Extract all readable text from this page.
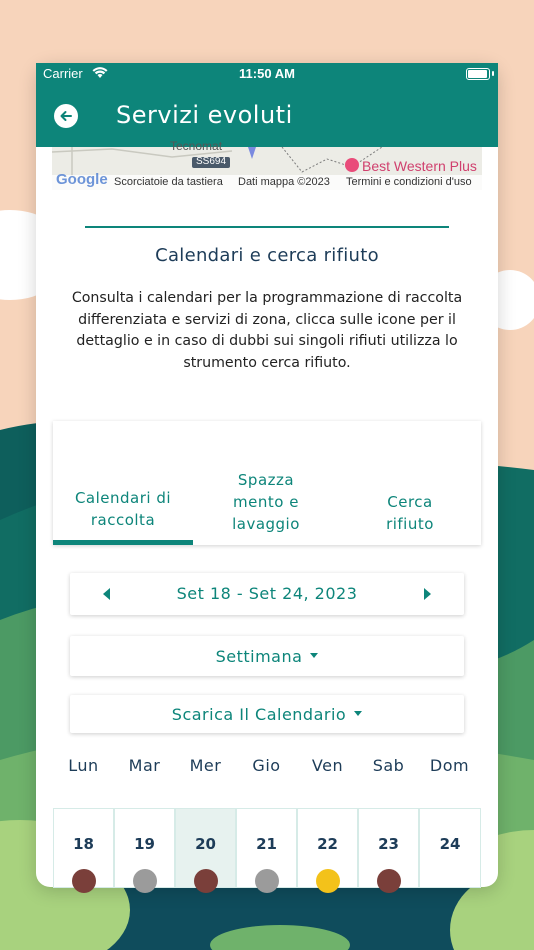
Carrier	11:50 AM
Servizi evoluti
Tecnomat
SS694	Best Western Plus
Google Scorciatoie da tastiera Dati mappa ©2023 Termini e condizioni d'uso
Calendari e cerca rifiuto
Consulta i calendari per la programmazione di raccolta differenziata e servizi di zona, clicca sulle icone per il dettaglio e in caso di dubbi sui singoli rifiuti utilizza lo strumento cerca rifiuto.
Calendari di raccolta
Spazzamento e lavaggio
Cerca rifiuto
Set 18 - Set 24, 2023
Settimana
Scarica Il Calendario
Lun	Mar	Mer	Gio	Ven	Sab	Dom
18	19	20	21	22	23	24
